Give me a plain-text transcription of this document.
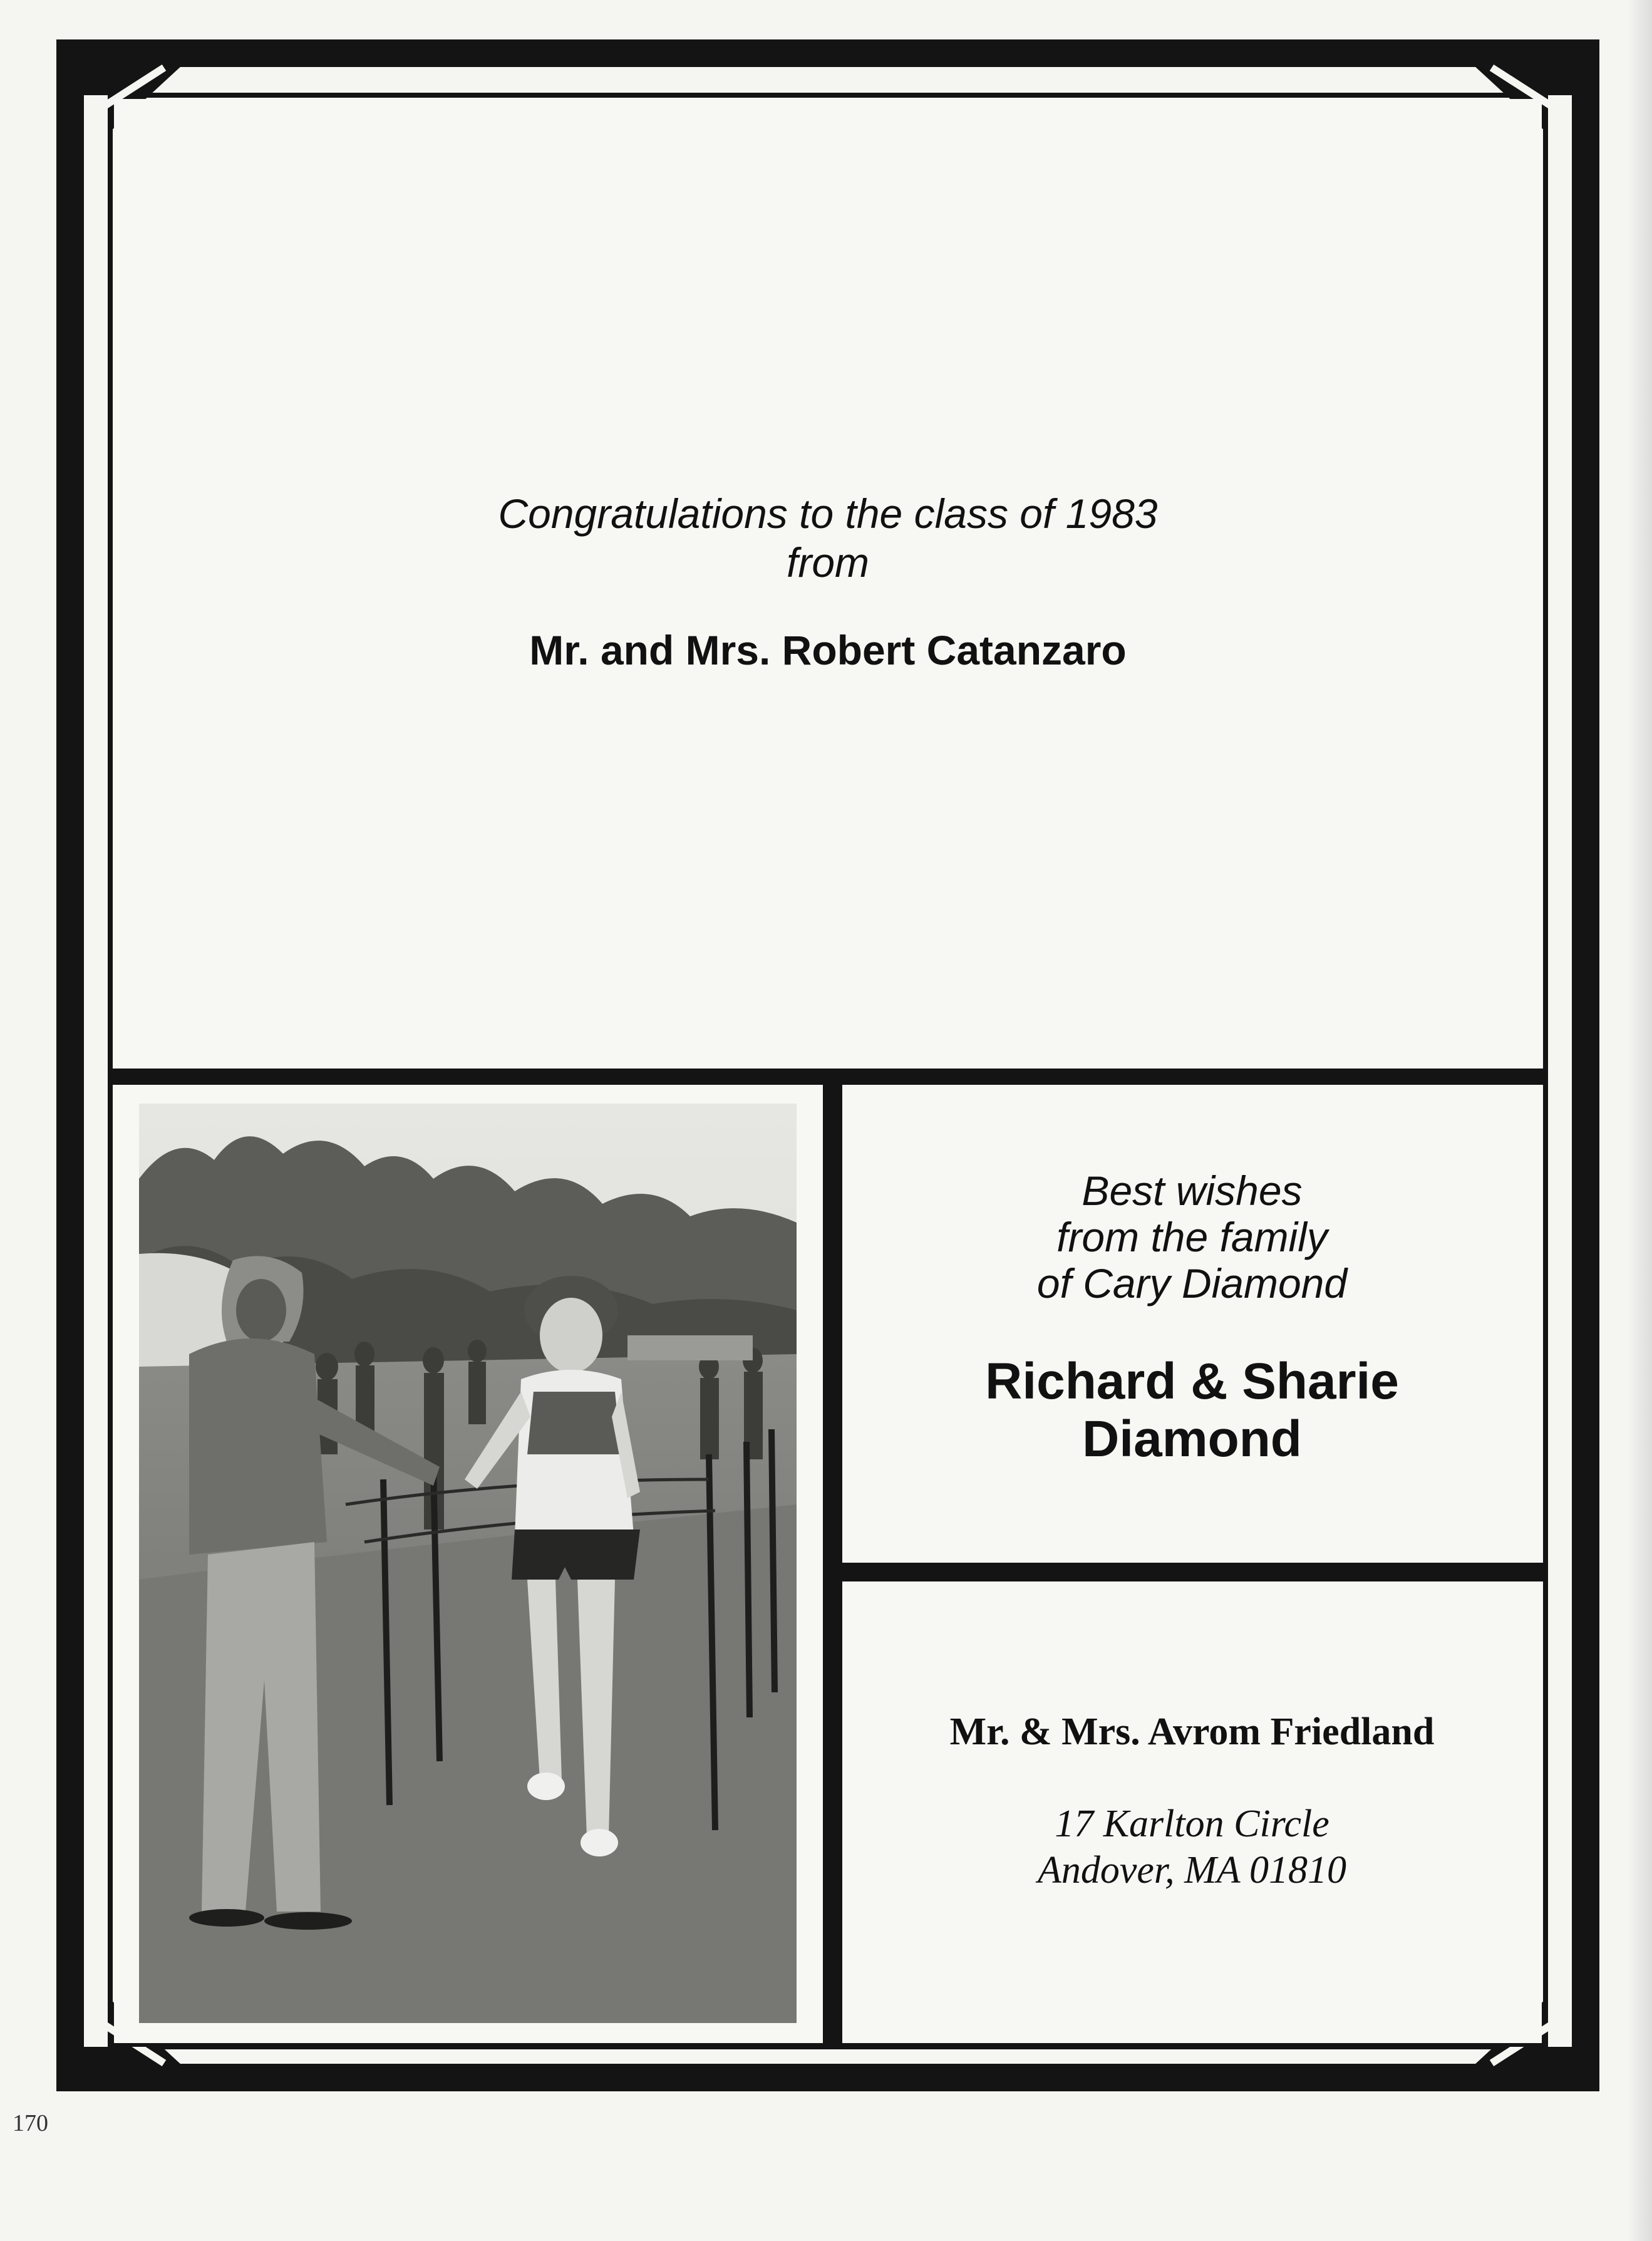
Congratulations to the class of 1983
from
Mr. and Mrs. Robert Catanzaro
Best wishes
from the family
of Cary Diamond
Richard & Sharie
Diamond
Mr. & Mrs. Avrom Friedland
17 Karlton Circle
Andover, MA 01810
170
